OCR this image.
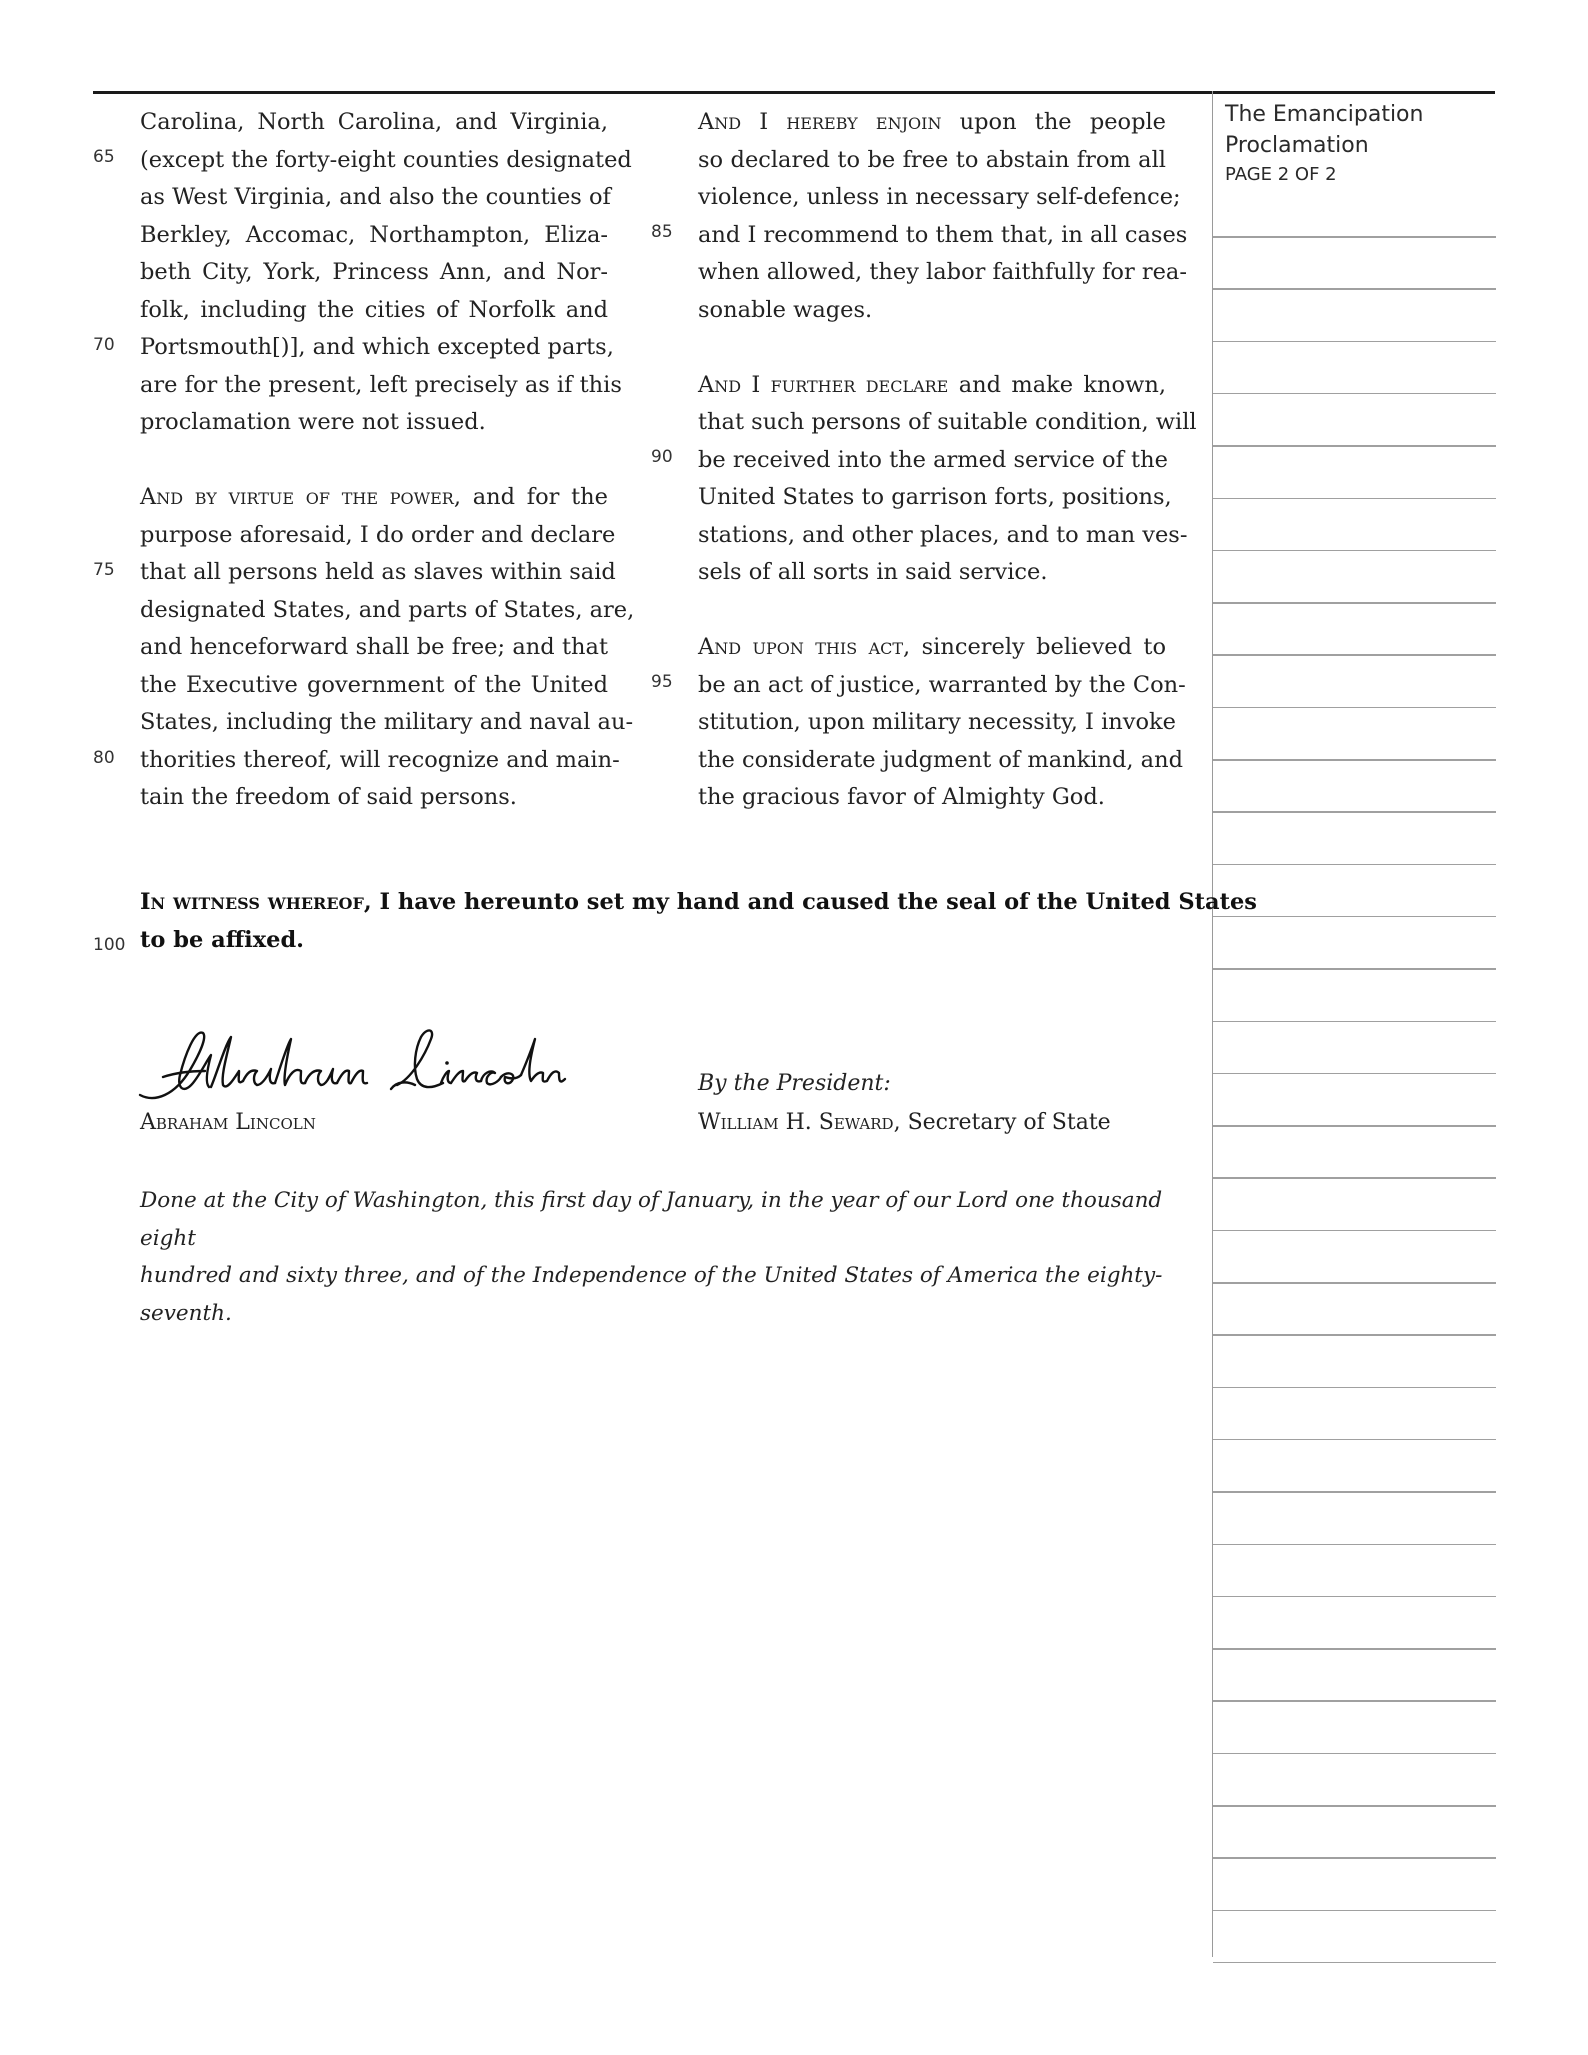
The Emancipation
Proclamation
PAGE 2 OF 2
65
70
75
80
85
90
95
100
Carolina, North Carolina, and Virginia,
(except the forty-eight counties designated
as West Virginia, and also the counties of
Berkley, Accomac, Northampton, Eliza-
beth City, York, Princess Ann, and Nor-
folk, including the cities of Norfolk and
Portsmouth[)], and which excepted parts,
are for the present, left precisely as if this
proclamation were not issued.
And by virtue of the power, and for the
purpose aforesaid, I do order and declare
that all persons held as slaves within said
designated States, and parts of States, are,
and henceforward shall be free; and that
the Executive government of the United
States, including the military and naval au-
thorities thereof, will recognize and main-
tain the freedom of said persons.
And I hereby enjoin upon the people
so declared to be free to abstain from all
violence, unless in necessary self-defence;
and I recommend to them that, in all cases
when allowed, they labor faithfully for rea-
sonable wages.
And I further declare and make known,
that such persons of suitable condition, will
be received into the armed service of the
United States to garrison forts, positions,
stations, and other places, and to man ves-
sels of all sorts in said service.
And upon this act, sincerely believed to
be an act of justice, warranted by the Con-
stitution, upon military necessity, I invoke
the considerate judgment of mankind, and
the gracious favor of Almighty God.
In witness whereof, I have hereunto set my hand and caused the seal of the United States
to be affixed.
Abraham Lincoln
By the President:
William H. Seward, Secretary of State
Done at the City of Washington, this first day of January, in the year of our Lord one thousand eight
hundred and sixty three, and of the Independence of the United States of America the eighty-seventh.
